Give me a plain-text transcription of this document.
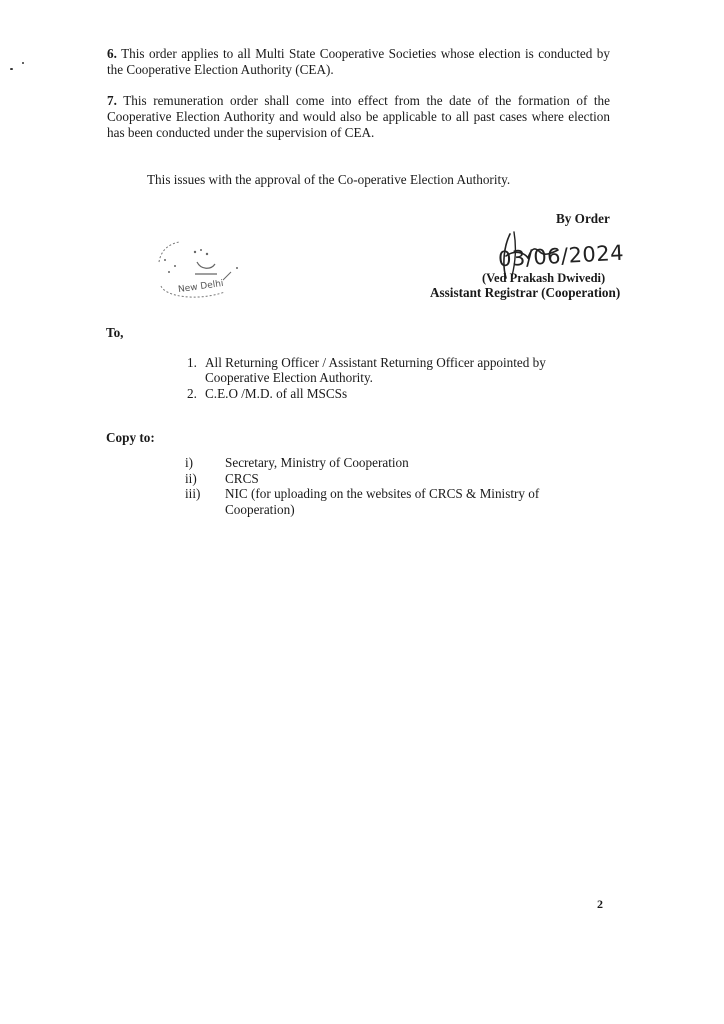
6. This order applies to all Multi State Cooperative Societies whose election is conducted by the Cooperative Election Authority (CEA).
7. This remuneration order shall come into effect from the date of the formation of the Cooperative Election Authority and would also be applicable to all past cases where election has been conducted under the supervision of CEA.
This issues with the approval of the Co-operative Election Authority.
By Order
03/06/2024
(Ved Prakash Dwivedi)
Assistant Registrar (Cooperation)
New Delhi
To,
1. All Returning Officer / Assistant Returning Officer appointed by Cooperative Election Authority.
2. C.E.O /M.D. of all MSCSs
Copy to:
i)	Secretary, Ministry of Cooperation
ii)	CRCS
iii)	NIC (for uploading on the websites of CRCS & Ministry of Cooperation)
2
